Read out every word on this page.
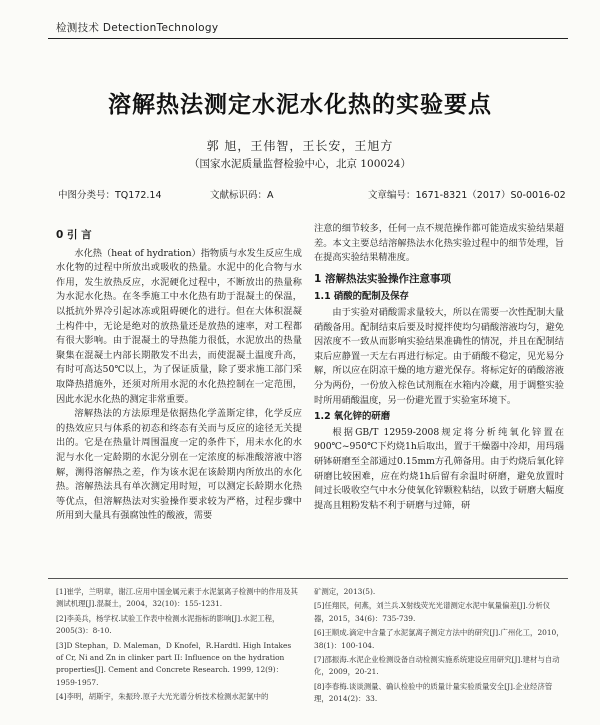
检测技术 DetectionTechnology
溶解热法测定水泥水化热的实验要点
郭 旭，王伟智，王长安，王旭方
（国家水泥质量监督检验中心，北京 100024）
中图分类号：TQ172.14	文献标识码：A	文章编号：1671-8321（2017）S0-0016-02
0 引 言

水化热（heat of hydration）指物质与水发生反应生成水化物的过程中所放出或吸收的热量。水泥中的化合物与水作用，发生放热反应，水泥硬化过程中，不断放出的热量称为水泥水化热。在冬季施工中水化热有助于混凝土的保温，以抵抗外界冷引起冰冻或阻碍硬化的进行。但在大体积混凝土构件中，无论是绝对的放热量还是放热的速率，对工程都有很大影响。由于混凝土的导热能力很低，水泥放出的热量聚集在混凝土内部长期散发不出去，而使混凝土温度升高，有时可高达50℃以上，为了保证质量，除了要求施工部门采取降热措施外，还须对所用水泥的水化热控制在一定范围，因此水泥水化热的测定非常重要。

溶解热法的方法原理是依据热化学盖斯定律，化学反应的热效应只与体系的初态和终态有关而与反应的途径无关提出的。它是在热量计周围温度一定的条件下，用未水化的水泥与水化一定龄期的水泥分别在一定浓度的标准酸溶液中溶解，测得溶解热之差，作为该水泥在该龄期内所放出的水化热。溶解热法具有单次测定用时短，可以测定长龄期水化热等优点，但溶解热法对实验操作要求较为严格，过程步骤中所用到大量具有强腐蚀性的酸液，需要

注意的细节较多，任何一点不规范操作都可能造成实验结果超差。本文主要总结溶解热法水化热实验过程中的细节处理，旨在提高实验结果精准度。

1 溶解热法实验操作注意事项
1.1 硝酸的配制及保存

由于实验对硝酸需求量较大，所以在需要一次性配制大量硝酸备用。配制结束后要及时搅拌使均匀硝酸溶液均匀，避免因浓度不一致从而影响实验结果准确性的情况，并且在配制结束后应静置一天左右再进行标定。由于硝酸不稳定，见光易分解，所以应在阴凉干燥的地方避光保存。将标定好的硝酸溶液分为两份，一份放入棕色试剂瓶在水箱内冷藏，用于调整实验时所用硝酸温度，另一份避光置于实验室环境下。

1.2 氧化锌的研磨

根据GB/T 12959-2008规定将分析纯氧化锌置在900℃~950℃下灼烧1h后取出，置于干燥器中冷却，用玛瑙研钵研磨至全部通过0.15mm方孔筛备用。由于灼烧后氧化锌研磨比较困难，应在灼烧1h后留有余温时研磨，避免放置时间过长吸收空气中水分使氧化锌颗粒粘结，以致于研磨大幅度提高且粗粉发粘不利于研磨与过筛，研

[1]崔学，兰明章，谢江.应用中国金属元素于水泥氯离子检测中的作用及其测试机理[J].混凝土，2004，32(10)：155-1231.
[2]李美兵，杨学权.试验工作表中检测水泥指标的影响[J].水泥工程，2005(3)：8-10.
[3]D Stephan，D. Maleman，D Knofel，R.Hardtl. High Intakes of Cr, Ni and Zn in clinker part II: Influence on the hydration properties[J]. Cement and Concrete Research. 1999, 12(9)：1959-1957.
[4]李明，胡斯宇，朱振玲.原子大光光谱分析技术检测水泥氯中的
矿测定，2013(5).
[5]任翔民，何燕，刘兰兵.X射线荧光光谱测定水泥中氧量偏差[J].分析仪器，2015，34(6)：735-739.
[6]王顺成.滴定中含量了水泥氯离子测定方法中的研究[J].广州化工，2010，38(1)：100-104.
[7]邵振海.水泥企业检测设备自动检测实施系统建设应用研究[J].建材与自动化，2009，20-21.
[8]李春梅.谈谈测量、确认检验中的质量计量实验质量安全[J].企业经济管理，2014(2)：33.
